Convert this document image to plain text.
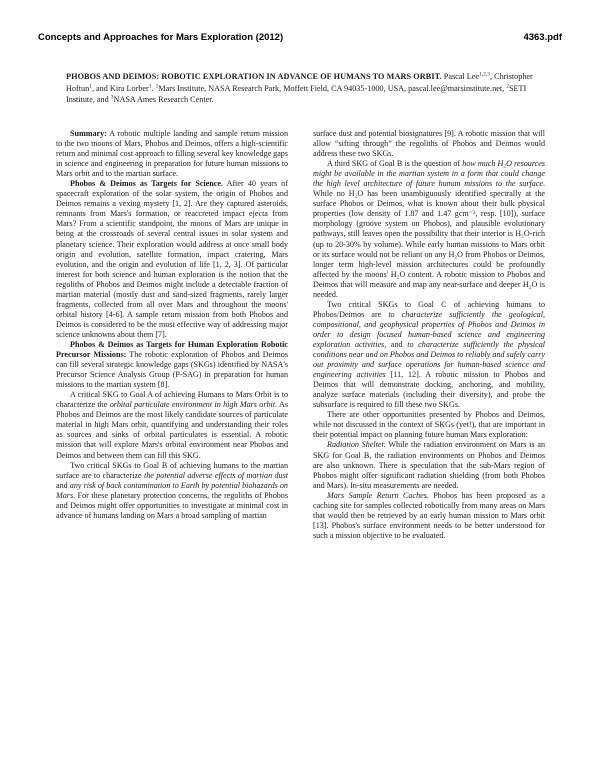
Concepts and Approaches for Mars Exploration (2012)	4363.pdf
PHOBOS AND DEIMOS: ROBOTIC EXPLORATION IN ADVANCE OF HUMANS TO MARS ORBIT. Pascal Lee$^{1,2,3}$, Christopher Hoftun$^1$, and Kira Lorber$^1$. $^1$Mars Institute, NASA Research Park, Moffett Field, CA 94035-1000, USA, pascal.lee@marsinstitute.net, $^2$SETI Institute, and $^3$NASA Ames Research Center.

Summary: A robotic multiple landing and sample return mission to the two moons of Mars, Phobos and Deimos, offers a high-scientific return and minimal cost approach to filling several key knowledge gaps in science and engineering in preparation for future human missions to Mars orbit and to the martian surface.

Phobos & Deimos as Targets for Science. After 40 years of spacecraft exploration of the solar system, the origin of Phobos and Deimos remains a vexing mystery [1, 2]. Are they captured asteroids, remnants from Mars's formation, or reaccreted impact ejecta from Mars? From a scientific standpoint, the moons of Mars are unique in being at the crossroads of several central issues in solar system and planetary science. Their exploration would address at once small body origin and evolution, satellite formation, impact cratering, Mars evolution, and the origin and evolution of life [1, 2, 3]. Of particular interest for both science and human exploration is the notion that the regoliths of Phobos and Deimos might include a detectable fraction of martian material (mostly dust and sand-sized fragments, rarely larger fragments, collected from all over Mars and throughout the moons' orbital history [4-6]. A sample return mission from both Phobos and Deimos is considered to be the most effective way of addressing major science unknowns about them [7].

Phobos & Deimos as Targets for Human Exploration Robotic Precursor Missions: The robotic exploration of Phobos and Deimos can fill several strategic knowledge gaps (SKGs) identified by NASA's Precursor Science Analysis Group (P-SAG) in preparation for human missions to the martian system [8].

A critical SKG to Goal A of achieving Humans to Mars Orbit is to characterize the orbital particulate environment in high Mars orbit. As Phobos and Deimos are the most likely candidate sources of particulate material in high Mars orbit, quantifying and understanding their roles as sources and sinks of orbital particulates is essential. A robotic mission that will explore Mars's orbital environment near Phobos and Deimos and between them can fill this SKG.

Two critical SKGs to Goal B of achieving humans to the martian surface are to characterize the potential adverse effects of martian dust and any risk of back contamination to Earth by potential biohazards on Mars. For these planetary protection concerns, the regoliths of Phobos and Deimos might offer opportunities to investigate at minimal cost in advance of humans landing on Mars a broad sampling of martian

surface dust and potential biosignatures [9]. A robotic mission that will allow “sifting through” the regoliths of Phobos and Deimos would address these two SKGs.

A third SKG of Goal B is the question of how much H₂O resources might be available in the martian system in a form that could change the high level architecture of future human missions to the surface. While no H₂O has been unambiguously identified spectrally at the surface Phobos or Deimos, what is known about their bulk physical properties (low density of 1.87 and 1.47 gcm⁻³, resp. [10]), surface morphology (groove system on Phobos), and plausible evolutionary pathways, still leaves open the possibility that their interior is H₂O-rich (up to 20-30% by volume). While early human missions to Mars orbit or its surface would not be reliant on any H₂O from Phobos or Deimos, longer term high-level mission architectures could be profoundly affected by the moons' H₂O content. A robotic mission to Phobos and Deimos that will measure and map any near-surface and deeper H₂O is needed.

Two critical SKGs to Goal C of achieving humans to Phobos/Deimos are to characterize sufficiently the geological, compositional, and geophysical properties of Phobos and Deimos in order to design focused human-based science and engineering exploration activities, and to characterize sufficiently the physical conditions near and on Phobos and Deimos to reliably and safely carry out proximity and surface operations for human-based science and engineering activities [11, 12]. A robotic mission to Phobos and Deimos that will demonstrate docking, anchoring, and mobility, analyze surface materials (including their diversity), and probe the subsurface is required to fill these two SKGs.

There are other opportunities presented by Phobos and Deimos, while not discussed in the context of SKGs (yet!), that are important in their potential impact on planning future human Mars exploration:

Radiation Shelter. While the radiation environment on Mars is an SKG for Goal B, the radiation environments on Phobos and Deimos are also unknown. There is speculation that the sub-Mars region of Phobos might offer significant radiation shielding (from both Phobos and Mars). In-situ measurements are needed.

Mars Sample Return Caches. Phobos has been proposed as a caching site for samples collected robotically from many areas on Mars that would then be retrieved by an early human mission to Mars orbit [13]. Phobos's surface environment needs to be better understood for such a mission objective to be evaluated.
